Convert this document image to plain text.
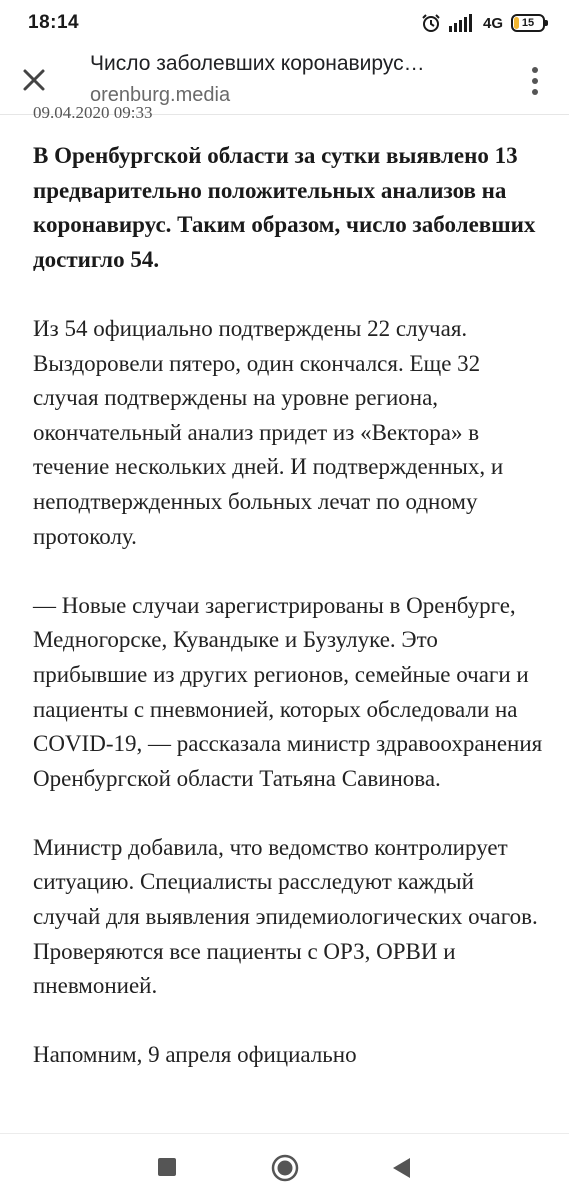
18:14	4G 15
Число заболевших коронавирус…
orenburg.media
09.04.2020 09:33

В Оренбургской области за сутки выявлено 13 предварительно положительных анализов на коронавирус. Таким образом, число заболевших достигло 54.

Из 54 официально подтверждены 22 случая. Выздоровели пятеро, один скончался. Еще 32 случая подтверждены на уровне региона, окончательный анализ придет из «Вектора» в течение нескольких дней. И подтвержденных, и неподтвержденных больных лечат по одному протоколу.

— Новые случаи зарегистрированы в Оренбурге, Медногорске, Кувандыке и Бузулуке. Это прибывшие из других регионов, семейные очаги и пациенты с пневмонией, которых обследовали на COVID-19, — рассказала министр здравоохранения Оренбургской области Татьяна Савинова.

Министр добавила, что ведомство контролирует ситуацию. Специалисты расследуют каждый случай для выявления эпидемиологических очагов. Проверяются все пациенты с ОРЗ, ОРВИ и пневмонией.

Напомним, 9 апреля официально
